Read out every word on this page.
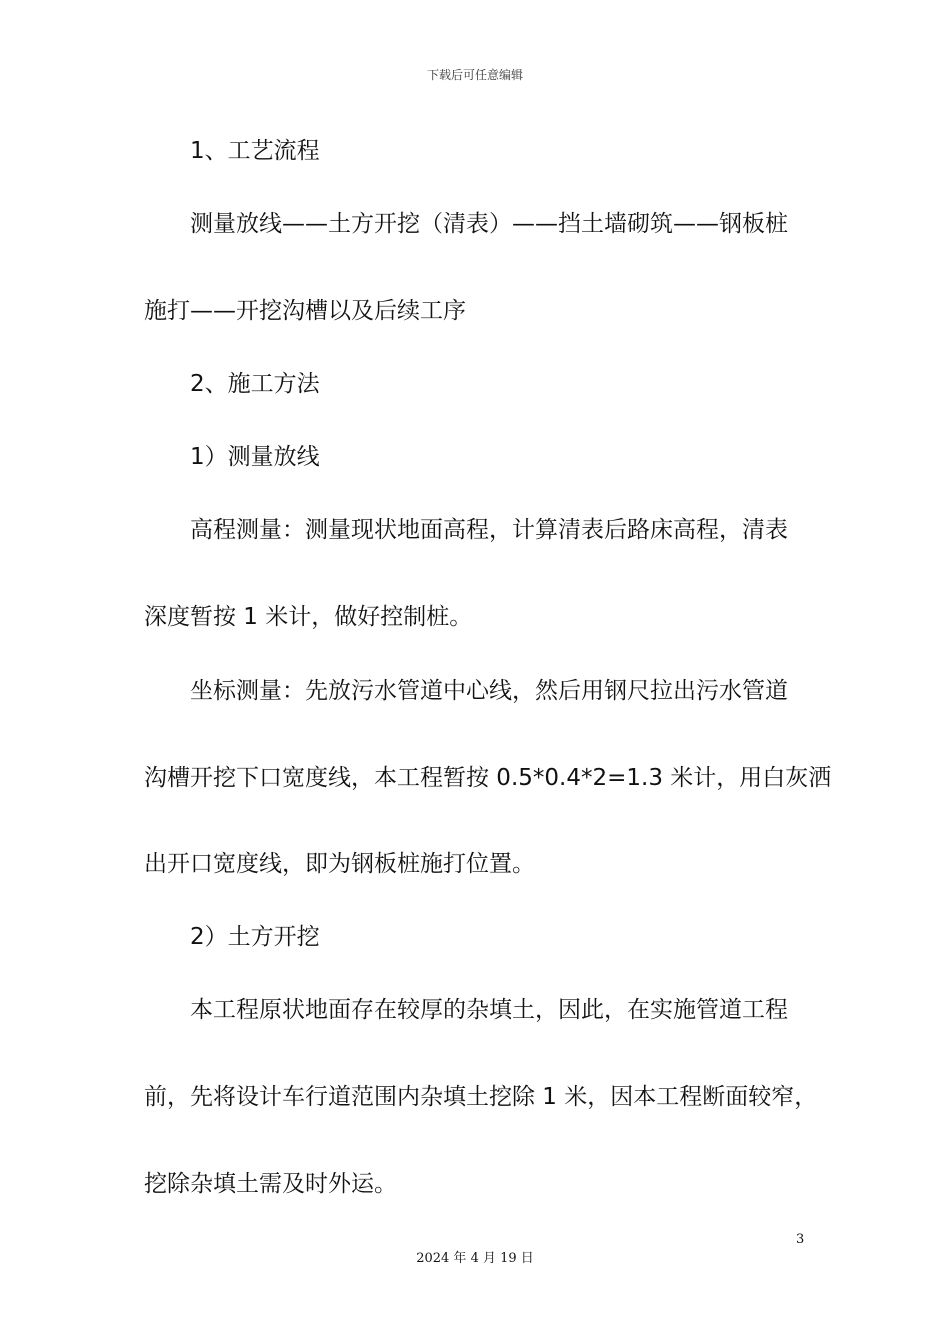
下载后可任意编辑
1、工艺流程
测量放线——土方开挖（清表）——挡土墙砌筑——钢板桩
施打——开挖沟槽以及后续工序
2、施工方法
1）测量放线
高程测量：测量现状地面高程，计算清表后路床高程，清表
深度暂按 1 米计，做好控制桩。
坐标测量：先放污水管道中心线，然后用钢尺拉出污水管道
沟槽开挖下口宽度线，本工程暂按 0.5*0.4*2=1.3 米计，用白灰洒
出开口宽度线，即为钢板桩施打位置。
2）土方开挖
本工程原状地面存在较厚的杂填土，因此，在实施管道工程
前，先将设计车行道范围内杂填土挖除 1 米，因本工程断面较窄，
挖除杂填土需及时外运。
3
2024 年 4 月 19 日
